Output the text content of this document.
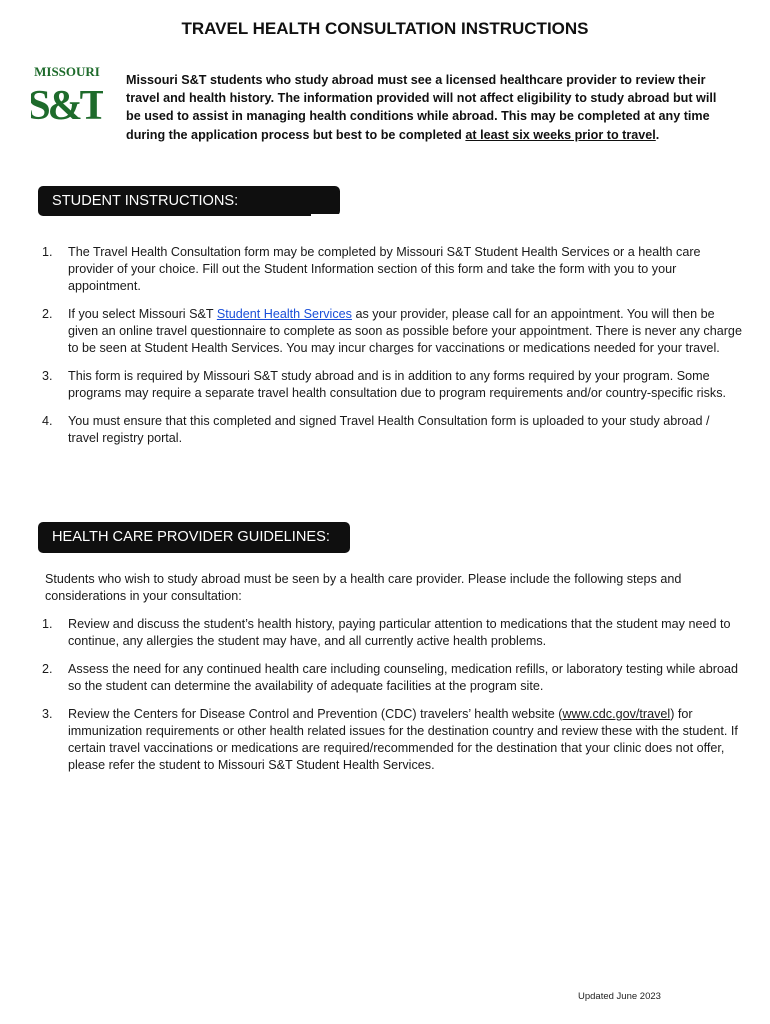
TRAVEL HEALTH CONSULTATION INSTRUCTIONS
MISSOURI
S&T
Missouri S&T students who study abroad must see a licensed healthcare provider to review their travel and health history. The information provided will not affect eligibility to study abroad but will be used to assist in managing health conditions while abroad. This may be completed at any time during the application process but best to be completed at least six weeks prior to travel.
STUDENT INSTRUCTIONS:
1. The Travel Health Consultation form may be completed by Missouri S&T Student Health Services or a health care provider of your choice. Fill out the Student Information section of this form and take the form with you to your appointment.
2. If you select Missouri S&T Student Health Services as your provider, please call for an appointment. You will then be given an online travel questionnaire to complete as soon as possible before your appointment. There is never any charge to be seen at Student Health Services. You may incur charges for vaccinations or medications needed for your travel.
3. This form is required by Missouri S&T study abroad and is in addition to any forms required by your program. Some programs may require a separate travel health consultation due to program requirements and/or country-specific risks.
4. You must ensure that this completed and signed Travel Health Consultation form is uploaded to your study abroad / travel registry portal.
HEALTH CARE PROVIDER GUIDELINES:
Students who wish to study abroad must be seen by a health care provider. Please include the following steps and considerations in your consultation:
1. Review and discuss the student’s health history, paying particular attention to medications that the student may need to continue, any allergies the student may have, and all currently active health problems.
2. Assess the need for any continued health care including counseling, medication refills, or laboratory testing while abroad so the student can determine the availability of adequate facilities at the program site.
3. Review the Centers for Disease Control and Prevention (CDC) travelers’ health website (www.cdc.gov/travel) for immunization requirements or other health related issues for the destination country and review these with the student. If certain travel vaccinations or medications are required/recommended for the destination that your clinic does not offer, please refer the student to Missouri S&T Student Health Services.
Updated June 2023
